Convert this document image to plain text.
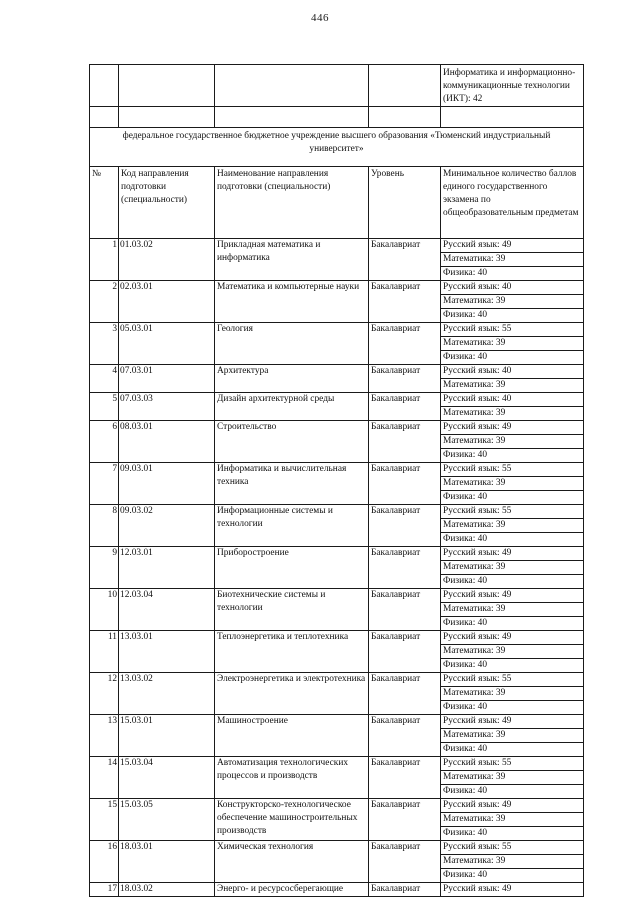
446
				Информатика и информационно-коммуникационные технологии (ИКТ): 42

федеральное государственное бюджетное учреждение высшего образования «Тюменский индустриальный университет»				
№	Код направления подготовки (специальности)	Наименование направления подготовки (специальности)	Уровень	Минимальное количество баллов единого государственного экзамена по общеобразовательным предметам
1	01.03.02	Прикладная математика и информатика	Бакалавриат	Русский язык: 49
				Математика: 39
				Физика: 40
2	02.03.01	Математика и компьютерные науки	Бакалавриат	Русский язык: 40
				Математика: 39
				Физика: 40
3	05.03.01	Геология	Бакалавриат	Русский язык: 55
				Математика: 39
				Физика: 40
4	07.03.01	Архитектура	Бакалавриат	Русский язык: 40
				Математика: 39
5	07.03.03	Дизайн архитектурной среды	Бакалавриат	Русский язык: 40
				Математика: 39
6	08.03.01	Строительство	Бакалавриат	Русский язык: 49
				Математика: 39
				Физика: 40
7	09.03.01	Информатика и вычислительная техника	Бакалавриат	Русский язык: 55
				Математика: 39
				Физика: 40
8	09.03.02	Информационные системы и технологии	Бакалавриат	Русский язык: 55
				Математика: 39
				Физика: 40
9	12.03.01	Приборостроение	Бакалавриат	Русский язык: 49
				Математика: 39
				Физика: 40
10	12.03.04	Биотехнические системы и технологии	Бакалавриат	Русский язык: 49
				Математика: 39
				Физика: 40
11	13.03.01	Теплоэнергетика и теплотехника	Бакалавриат	Русский язык: 49
				Математика: 39
				Физика: 40
12	13.03.02	Электроэнергетика и электротехника	Бакалавриат	Русский язык: 55
				Математика: 39
				Физика: 40
13	15.03.01	Машиностроение	Бакалавриат	Русский язык: 49
				Математика: 39
				Физика: 40
14	15.03.04	Автоматизация технологических процессов и производств	Бакалавриат	Русский язык: 55
				Математика: 39
				Физика: 40
15	15.03.05	Конструкторско-технологическое обеспечение машиностроительных производств	Бакалавриат	Русский язык: 49
				Математика: 39
				Физика: 40
16	18.03.01	Химическая технология	Бакалавриат	Русский язык: 55
				Математика: 39
				Физика: 40
17	18.03.02	Энерго- и ресурсосберегающие	Бакалавриат	Русский язык: 49
